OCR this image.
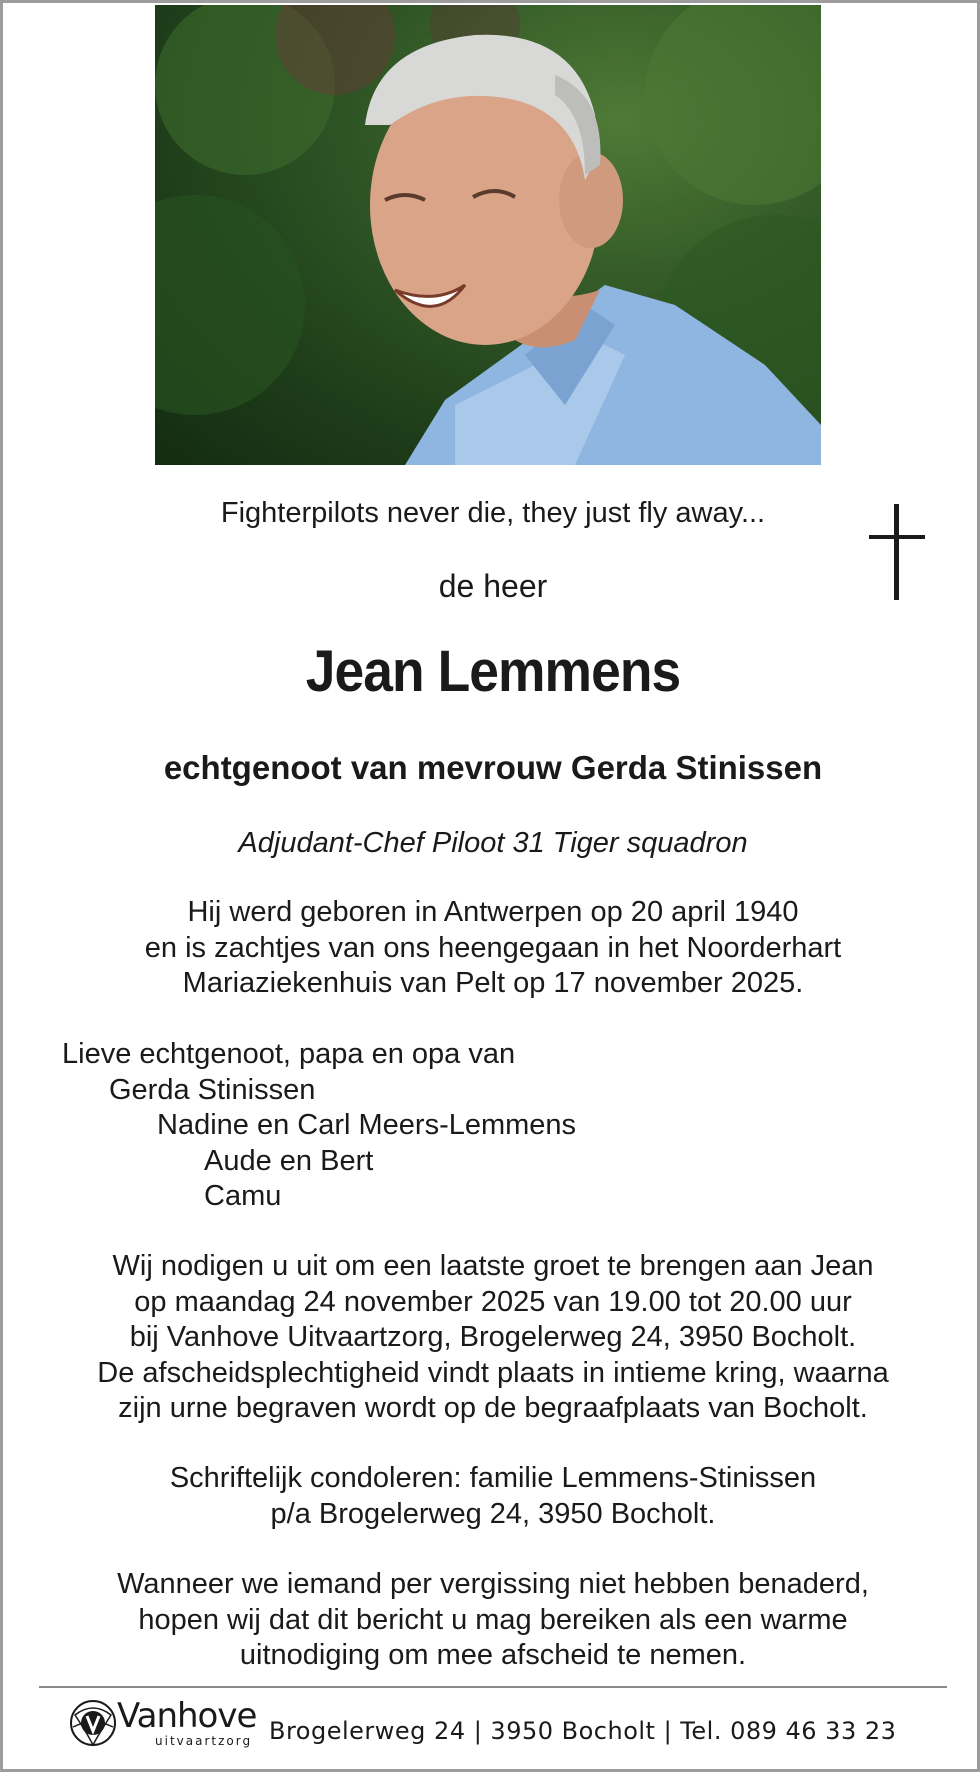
Fighterpilots never die, they just fly away...
de heer
Jean Lemmens
echtgenoot van mevrouw Gerda Stinissen
Adjudant-Chef Piloot 31 Tiger squadron
Hij werd geboren in Antwerpen op 20 april 1940
en is zachtjes van ons heengegaan in het Noorderhart
Mariaziekenhuis van Pelt op 17 november 2025.
Lieve echtgenoot, papa en opa van
Gerda Stinissen
Nadine en Carl Meers-Lemmens
Aude en Bert
Camu
Wij nodigen u uit om een laatste groet te brengen aan Jean
op maandag 24 november 2025 van 19.00 tot 20.00 uur
bij Vanhove Uitvaartzorg, Brogelerweg 24, 3950 Bocholt.
De afscheidsplechtigheid vindt plaats in intieme kring, waarna
zijn urne begraven wordt op de begraafplaats van Bocholt.
Schriftelijk condoleren: familie Lemmens-Stinissen
p/a Brogelerweg 24, 3950 Bocholt.
Wanneer we iemand per vergissing niet hebben benaderd,
hopen wij dat dit bericht u mag bereiken als een warme
uitnodiging om mee afscheid te nemen.
Vanhove
uitvaartzorg Brogelerweg 24 | 3950 Bocholt | Tel. 089 46 33 23
